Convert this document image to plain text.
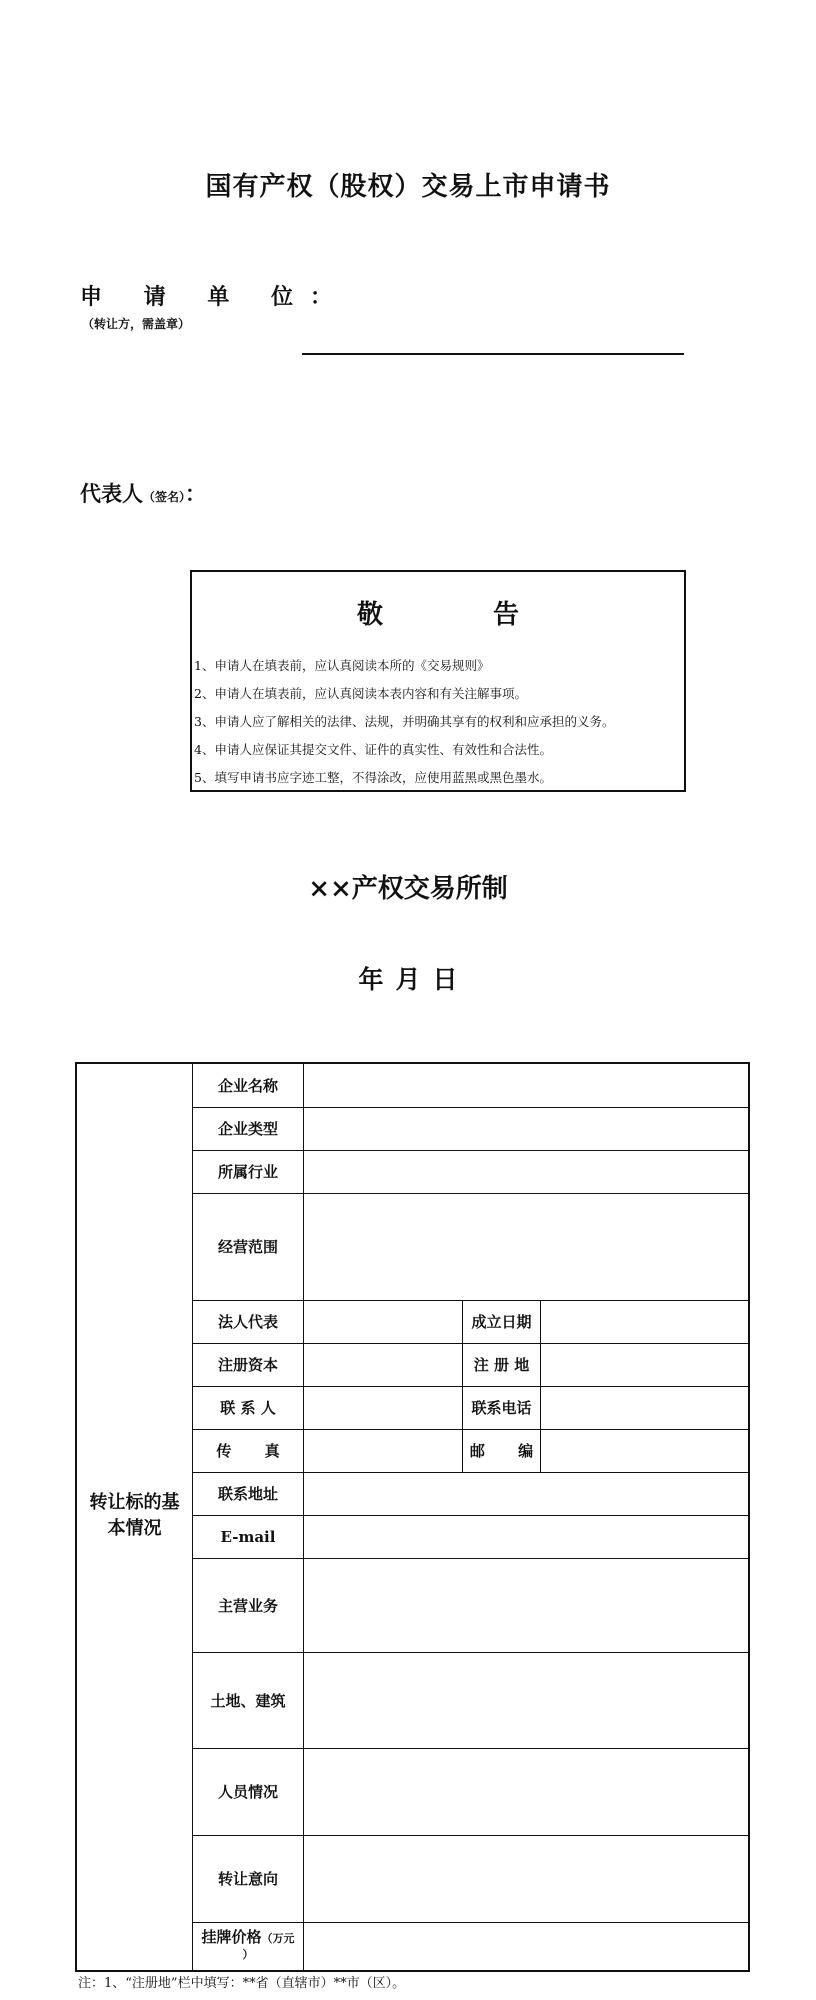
国有产权（股权）交易上市申请书
申 请 单 位：
（转让方，需盖章）
代表人（签名）：
敬	告
1、申请人在填表前，应认真阅读本所的《交易规则》
2、申请人在填表前，应认真阅读本表内容和有关注解事项。
3、申请人应了解相关的法律、法规，并明确其享有的权利和应承担的义务。
4、申请人应保证其提交文件、证件的真实性、有效性和合法性。
5、填写申请书应字迹工整，不得涂改，应使用蓝黑或黑色墨水。
××产权交易所制
年 月 日
转让标的基
本情况
企业名称
企业类型
所属行业
经营范围
法人代表	成立日期
注册资本	注 册 地
联 系 人	联系电话
传 真	邮 编
联系地址
E-mail
主营业务
土地、建筑
人员情况
转让意向
挂牌价格（万元
）
注：1、“注册地”栏中填写：**省（直辖市）**市（区）。
